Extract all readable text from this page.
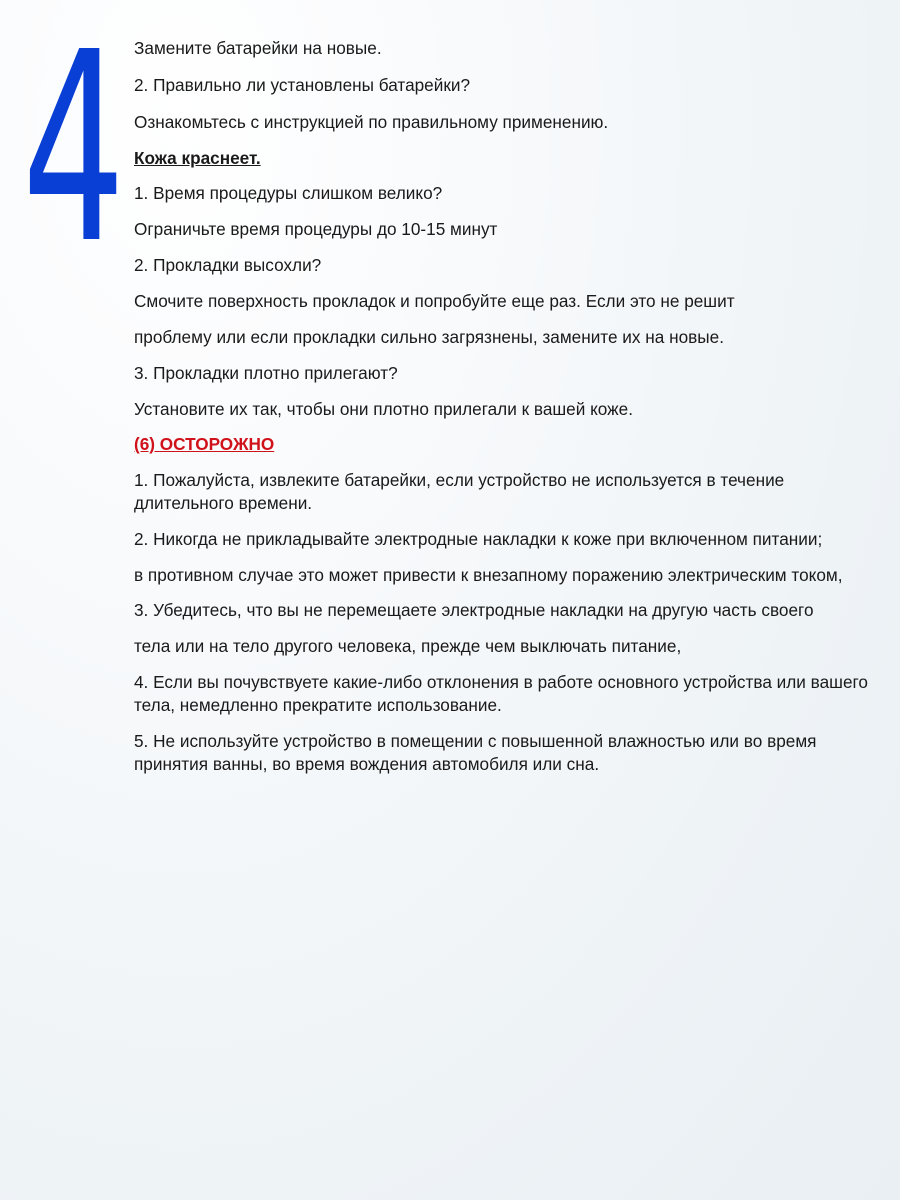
4 Замените батарейки на новые.
2. Правильно ли установлены батарейки?
Ознакомьтесь с инструкцией по правильному применению.
Кожа краснеет.
1. Время процедуры слишком велико?
Ограничьте время процедуры до 10-15 минут
2. Прокладки высохли?
Смочите поверхность прокладок и попробуйте еще раз. Если это не решит
проблему или если прокладки сильно загрязнены, замените их на новые.
3. Прокладки плотно прилегают?
Установите их так, чтобы они плотно прилегали к вашей коже.
(6) ОСТОРОЖНО
1. Пожалуйста, извлеките батарейки, если устройство не используется в течение длительного времени.
2. Никогда не прикладывайте электродные накладки к коже при включенном питании;
в противном случае это может привести к внезапному поражению электрическим током,
3. Убедитесь, что вы не перемещаете электродные накладки на другую часть своего
тела или на тело другого человека, прежде чем выключать питание,
4. Если вы почувствуете какие-либо отклонения в работе основного устройства или вашего тела, немедленно прекратите использование.
5. Не используйте устройство в помещении с повышенной влажностью или во время принятия ванны, во время вождения автомобиля или сна.
